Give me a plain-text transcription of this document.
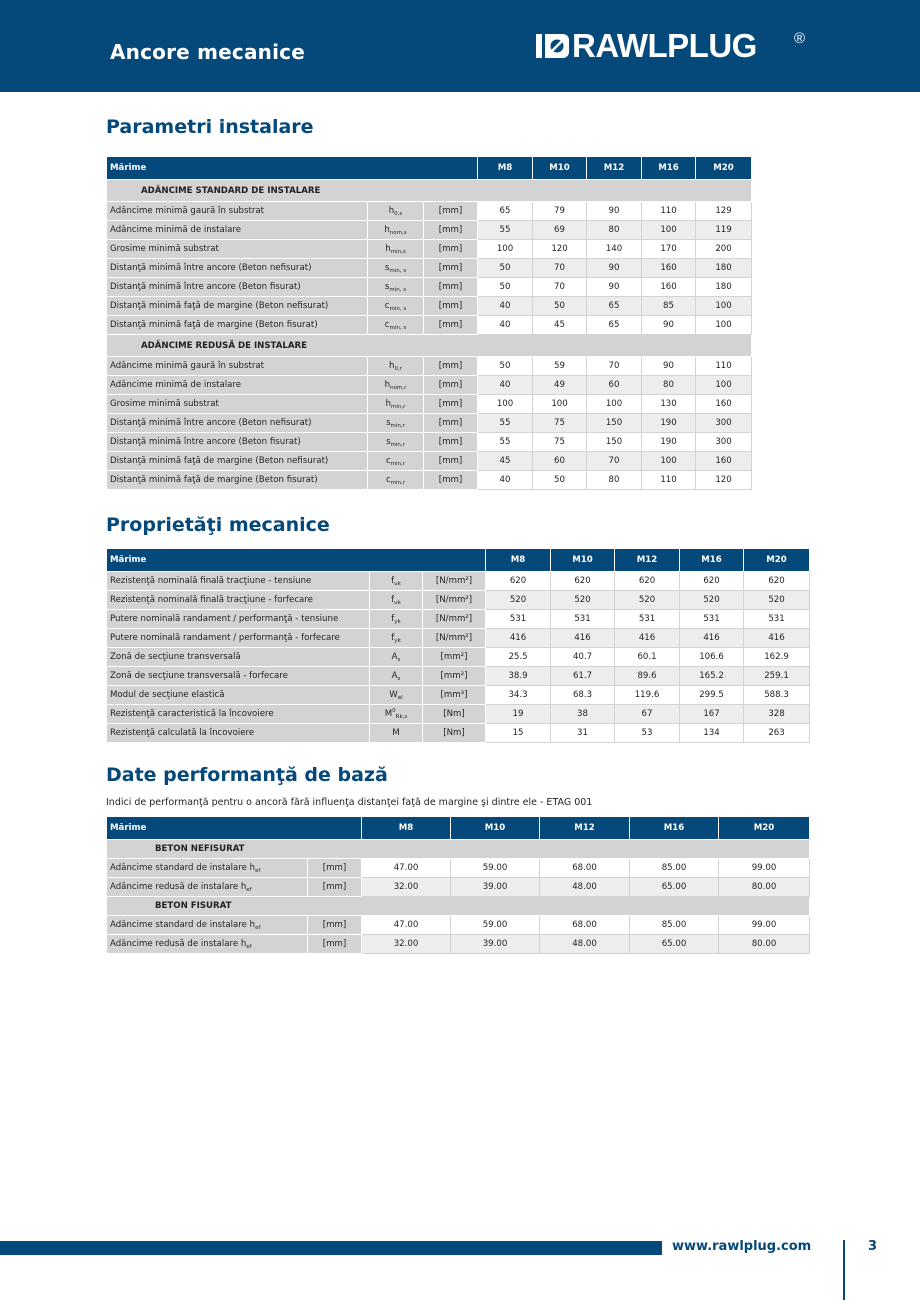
Ancore mecanice	RAWLPLUG ®
Parametri instalare
Mărime			M8	M10	M12	M16	M20
ADÂNCIME STANDARD DE INSTALARE							
Adâncime minimă gaură în substrat	$h_{0,s}$	[mm]	65	79	90	110	129
Adâncime minimă de instalare	$h_{nom,s}$	[mm]	55	69	80	100	119
Grosime minimă substrat	$h_{min,s}$	[mm]	100	120	140	170	200
Distanţă minimă între ancore (Beton nefisurat)	$s_{min, s}$	[mm]	50	70	90	160	180
Distanţă minimă între ancore (Beton fisurat)	$s_{min, s}$	[mm]	50	70	90	160	180
Distanţă minimă faţă de margine (Beton nefisurat)	$c_{min, s}$	[mm]	40	50	65	85	100
Distanţă minimă faţă de margine (Beton fisurat)	$c_{min, s}$	[mm]	40	45	65	90	100
ADÂNCIME REDUSĂ DE INSTALARE							
Adâncime minimă gaură în substrat	$h_{0,r}$	[mm]	50	59	70	90	110
Adâncime minimă de instalare	$h_{nom,r}$	[mm]	40	49	60	80	100
Grosime minimă substrat	$h_{min,r}$	[mm]	100	100	100	130	160
Distanţă minimă între ancore (Beton nefisurat)	$s_{min,r}$	[mm]	55	75	150	190	300
Distanţă minimă între ancore (Beton fisurat)	$s_{min,r}$	[mm]	55	75	150	190	300
Distanţă minimă faţă de margine (Beton nefisurat)	$c_{min,r}$	[mm]	45	60	70	100	160
Distanţă minimă faţă de margine (Beton fisurat)	$c_{min,r}$	[mm]	40	50	80	110	120
Proprietăţi mecanice
Mărime			M8	M10	M12	M16	M20
Rezistenţă nominală finală tracţiune - tensiune	$f_{uk}$	[N/mm²]	620	620	620	620	620
Rezistenţă nominală finală tracţiune - forfecare	$f_{uk}$	[N/mm²]	520	520	520	520	520
Putere nominală randament / performanţă - tensiune	$f_{yk}$	[N/mm²]	531	531	531	531	531
Putere nominală randament / performanţă - forfecare	$f_{yk}$	[N/mm²]	416	416	416	416	416
Zonă de secţiune transversală	$A_s$	[mm²]	25.5	40.7	60.1	106.6	162.9
Zonă de secţiune transversală - forfecare	$A_s$	[mm²]	38.9	61.7	89.6	165.2	259.1
Modul de secţiune elastică	$W_{el}$	[mm³]	34.3	68.3	119.6	299.5	588.3
Rezistenţă caracteristică la încovoiere	$M^0_{Rk,s}$	[Nm]	19	38	67	167	328
Rezistenţă calculată la încovoiere	M	[Nm]	15	31	53	134	263
Date performanţă de bază
Indici de performanţă pentru o ancoră fără influenţa distanţei faţă de margine şi dintre ele - ETAG 001
Mărime		M8	M10	M12	M16	M20
BETON NEFISURAT						
Adâncime standard de instalare $h_{ef}$	[mm]	47.00	59.00	68.00	85.00	99.00
Adâncime redusă de instalare $h_{ef}$	[mm]	32.00	39.00	48.00	65.00	80.00
BETON FISURAT						
Adâncime standard de instalare $h_{ef}$	[mm]	47.00	59.00	68.00	85.00	99.00
Adâncime redusă de instalare $h_{ef}$	[mm]	32.00	39.00	48.00	65.00	80.00
www.rawlplug.com	3
